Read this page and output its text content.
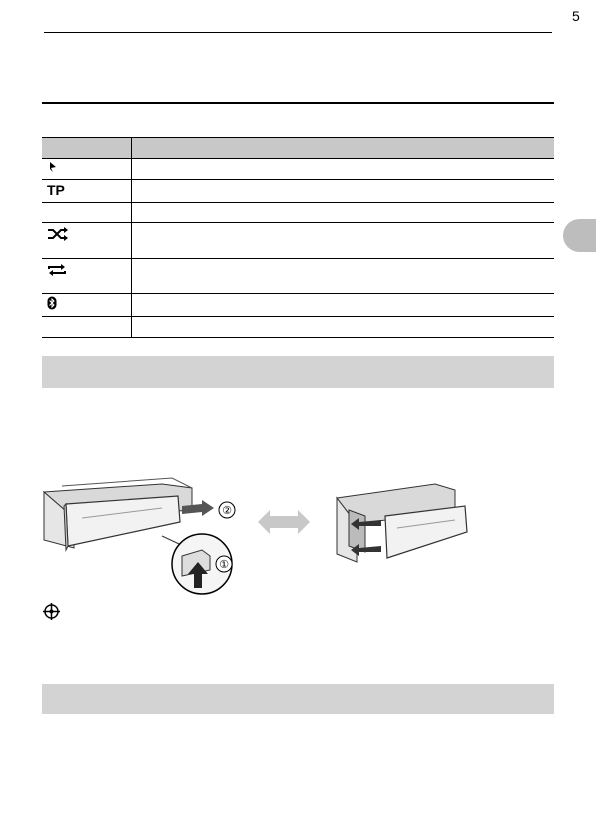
5

TP	

②
①
